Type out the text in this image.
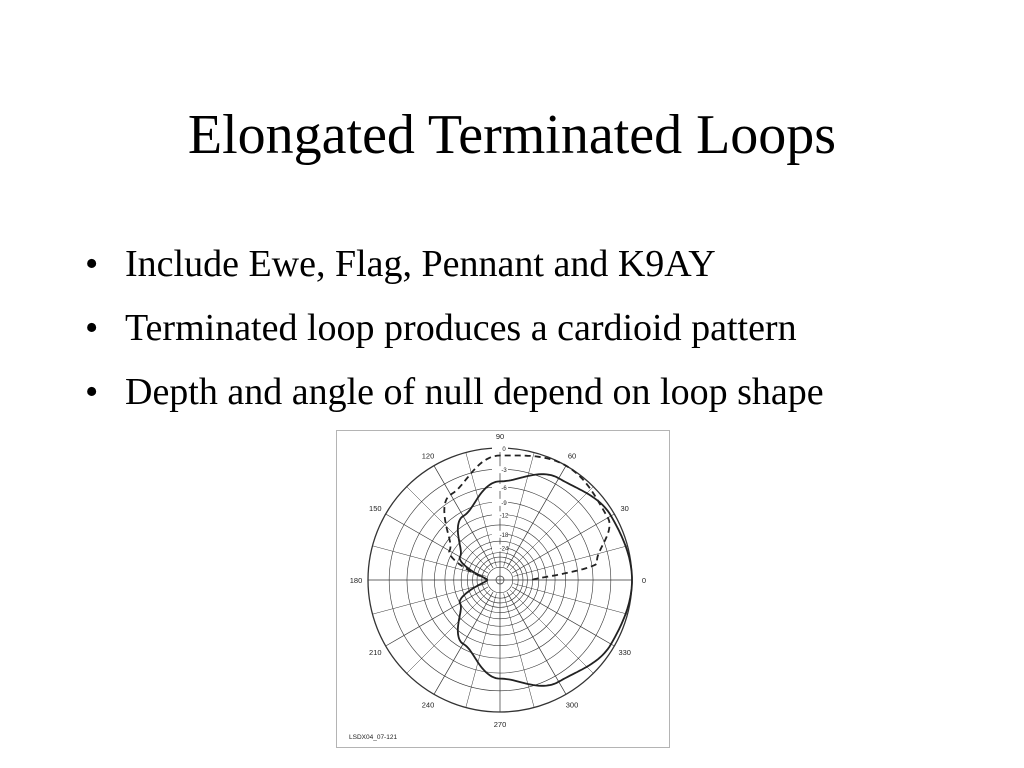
Elongated Terminated Loops
• Include Ewe, Flag, Pennant and K9AY
• Terminated loop produces a cardioid pattern
• Depth and angle of null depend on loop shape
0
-3
-6
-9
-12
-18
-24
90
60
30
0
330
300
270
240
210
180
150
120
LSDX04_07-121
